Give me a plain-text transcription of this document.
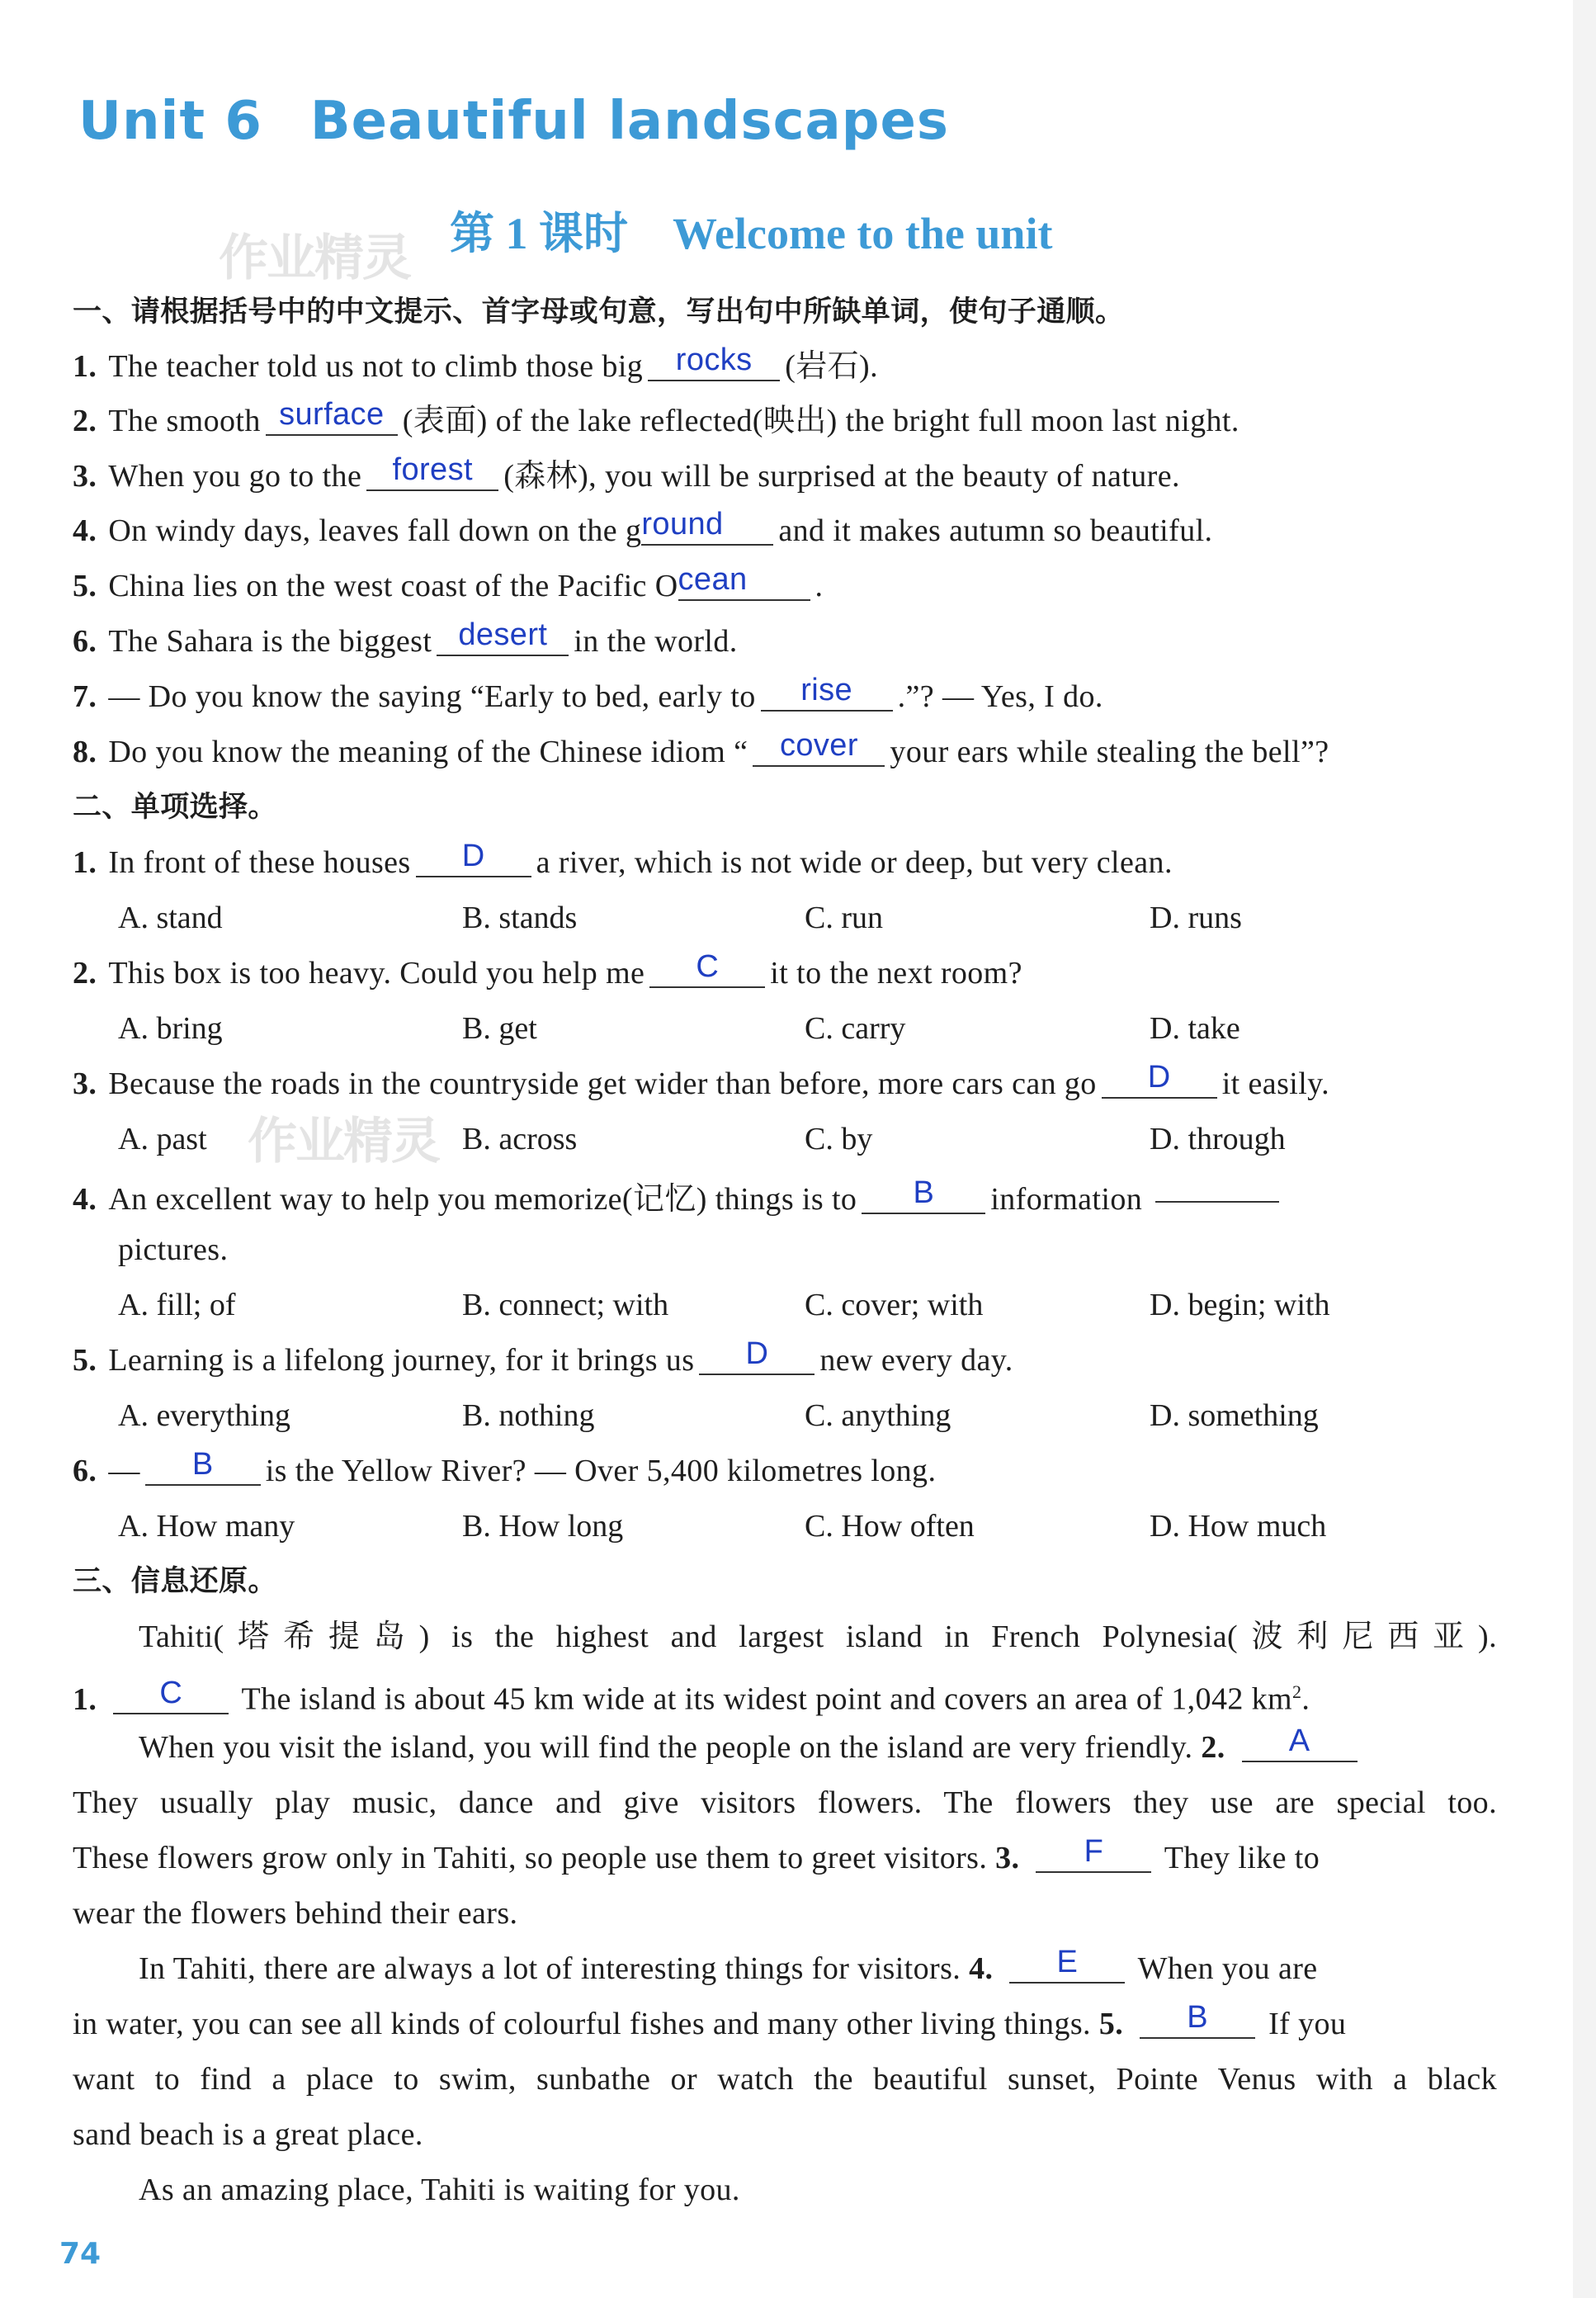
Unit 6 Beautiful landscapes
作业精灵
作业精灵
第 1 课时    Welcome to the unit
一、请根据括号中的中文提示、首字母或句意，写出句中所缺单词，使句子通顺。
1. The teacher told us not to climb those big rocks (岩石).
2. The smooth surface (表面) of the lake reflected(映出) the bright full moon last night.
3. When you go to the forest (森林), you will be surprised at the beauty of nature.
4. On windy days, leaves fall down on the ground and it makes autumn so beautiful.
5. China lies on the west coast of the Pacific Ocean .
6. The Sahara is the biggest desert in the world.
7. — Do you know the saying “Early to bed, early to rise .”? — Yes, I do.
8. Do you know the meaning of the Chinese idiom “ cover your ears while stealing the bell”?
二、单项选择。
1. In front of these houses D a river, which is not wide or deep, but very clean.
A. stand	B. stands	C. run	D. runs
2. This box is too heavy. Could you help me C it to the next room?
A. bring	B. get	C. carry	D. take
3. Because the roads in the countryside get wider than before, more cars can go D it easily.
A. past	B. across	C. by	D. through
4. An excellent way to help you memorize(记忆) things is to B information
pictures.
A. fill; of	B. connect; with	C. cover; with	D. begin; with
5. Learning is a lifelong journey, for it brings us D new every day.
A. everything	B. nothing	C. anything	D. something
6. — B is the Yellow River? — Over 5,400 kilometres long.
A. How many	B. How long	C. How often	D. How much
三、信息还原。
Tahiti(塔希提岛) is the highest and largest island in French Polynesia(波利尼西亚).
1. C The island is about 45 km wide at its widest point and covers an area of 1,042 $km^2$.
When you visit the island, you will find the people on the island are very friendly. 2. A
They usually play music, dance and give visitors flowers. The flowers they use are special too.
These flowers grow only in Tahiti, so people use them to greet visitors. 3. F They like to
wear the flowers behind their ears.
In Tahiti, there are always a lot of interesting things for visitors. 4. E When you are
in water, you can see all kinds of colourful fishes and many other living things. 5. B If you
want to find a place to swim, sunbathe or watch the beautiful sunset, Pointe Venus with a black
sand beach is a great place.
As an amazing place, Tahiti is waiting for you.
74
